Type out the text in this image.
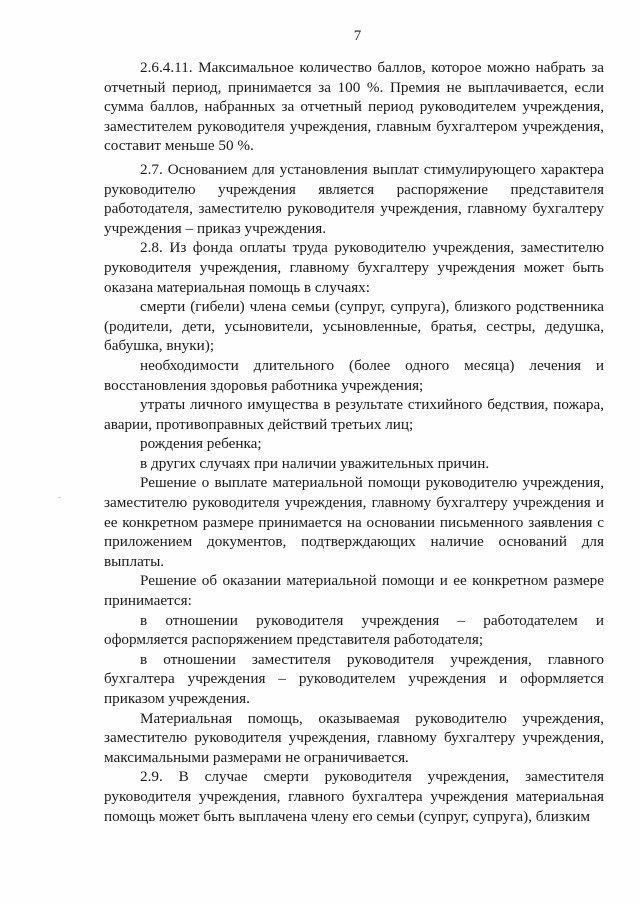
7

2.6.4.11. Максимальное количество баллов, которое можно набрать за отчетный период, принимается за 100 %. Премия не выплачивается, если сумма баллов, набранных за отчетный период руководителем учреждения, заместителем руководителя учреждения, главным бухгалтером учреждения, составит меньше 50 %.

2.7. Основанием для установления выплат стимулирующего характера руководителю учреждения является распоряжение представителя работодателя, заместителю руководителя учреждения, главному бухгалтеру учреждения – приказ учреждения.

2.8. Из фонда оплаты труда руководителю учреждения, заместителю руководителя учреждения, главному бухгалтеру учреждения может быть оказана материальная помощь в случаях:

смерти (гибели) члена семьи (супруг, супруга), близкого родственника (родители, дети, усыновители, усыновленные, братья, сестры, дедушка, бабушка, внуки);

необходимости длительного (более одного месяца) лечения и восстановления здоровья работника учреждения;

утраты личного имущества в результате стихийного бедствия, пожара, аварии, противоправных действий третьих лиц;

рождения ребенка;

в других случаях при наличии уважительных причин.

Решение о выплате материальной помощи руководителю учреждения, заместителю руководителя учреждения, главному бухгалтеру учреждения и ее конкретном размере принимается на основании письменного заявления с приложением документов, подтверждающих наличие оснований для выплаты.

Решение об оказании материальной помощи и ее конкретном размере принимается:

в отношении руководителя учреждения – работодателем и оформляется распоряжением представителя работодателя;

в отношении заместителя руководителя учреждения, главного бухгалтера учреждения – руководителем учреждения и оформляется приказом учреждения.

Материальная помощь, оказываемая руководителю учреждения, заместителю руководителя учреждения, главному бухгалтеру учреждения, максимальными размерами не ограничивается.

2.9. В случае смерти руководителя учреждения, заместителя руководителя учреждения, главного бухгалтера учреждения материальная помощь может быть выплачена члену его семьи (супруг, супруга), близким
